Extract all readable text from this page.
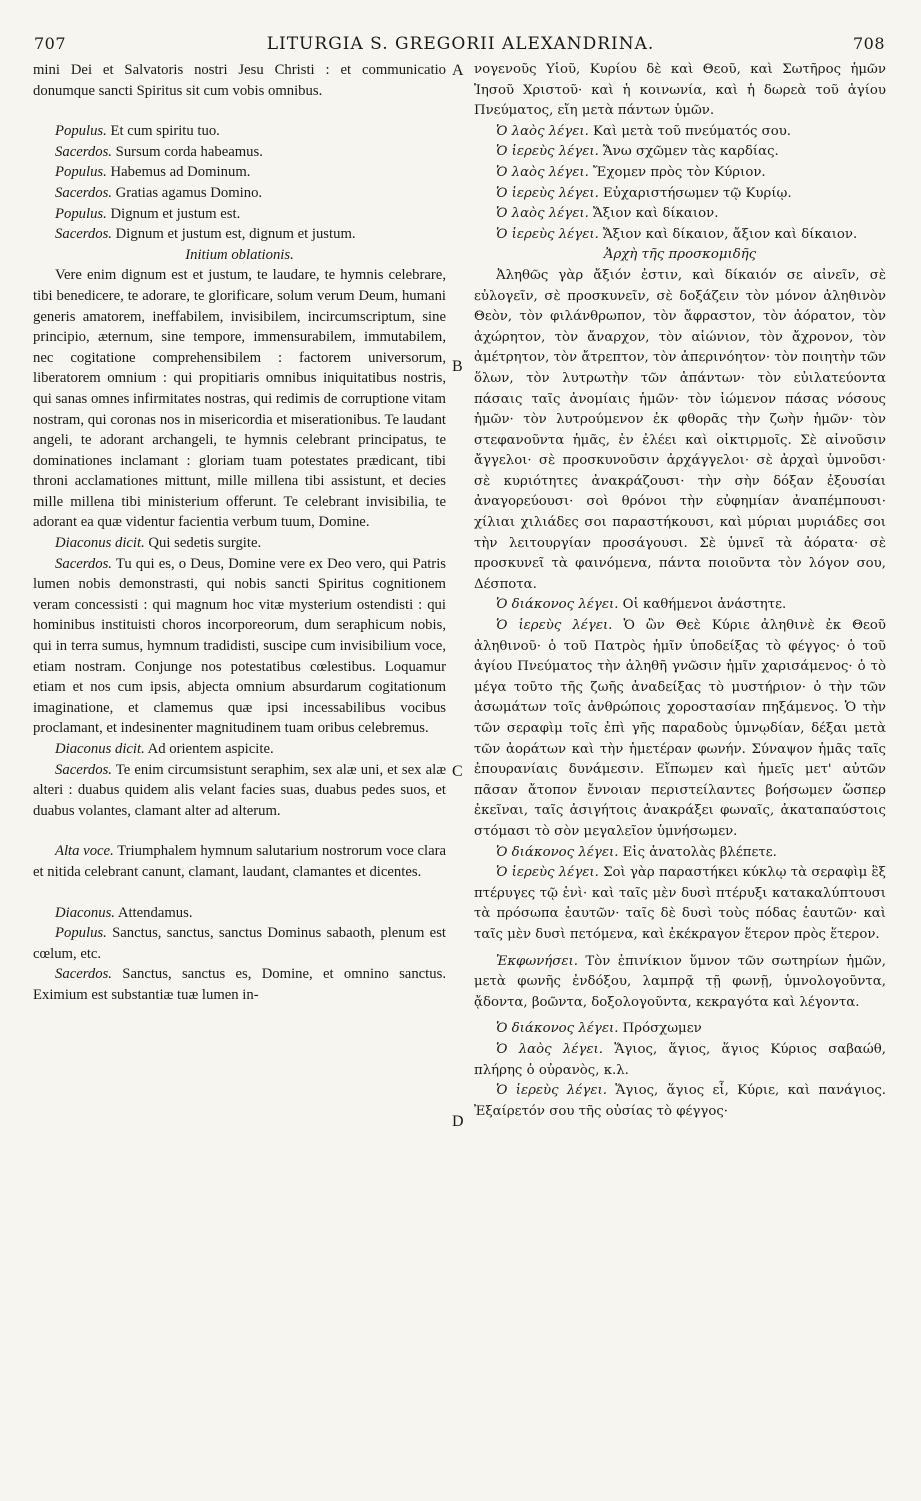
707	LITURGIA S. GREGORII ALEXANDRINA.	708
A
B
C
D

mini Dei et Salvatoris nostri Jesu Christi : et communicatio donumque sancti Spiritus sit cum vobis omnibus.

Populus. Et cum spiritu tuo.

Sacerdos. Sursum corda habeamus.

Populus. Habemus ad Dominum.

Sacerdos. Gratias agamus Domino.

Populus. Dignum et justum est.

Sacerdos. Dignum et justum est, dignum et justum.

Initium oblationis.

Vere enim dignum est et justum, te laudare, te hymnis celebrare, tibi benedicere, te adorare, te glorificare, solum verum Deum, humani generis amatorem, ineffabilem, invisibilem, incircumscriptum, sine principio, æternum, sine tempore, immensurabilem, immutabilem, nec cogitatione comprehensibilem : factorem universorum, liberatorem omnium : qui propitiaris omnibus iniquitatibus nostris, qui sanas omnes infirmitates nostras, qui redimis de corruptione vitam nostram, qui coronas nos in misericordia et miserationibus. Te laudant angeli, te adorant archangeli, te hymnis celebrant principatus, te dominationes inclamant : gloriam tuam potestates prædicant, tibi throni acclamationes mittunt, mille millena tibi assistunt, et decies mille millena tibi ministerium offerunt. Te celebrant invisibilia, te adorant ea quæ videntur facientia verbum tuum, Domine.

Diaconus dicit. Qui sedetis surgite.

Sacerdos. Tu qui es, o Deus, Domine vere ex Deo vero, qui Patris lumen nobis demonstrasti, qui nobis sancti Spiritus cognitionem veram concessisti : qui magnum hoc vitæ mysterium ostendisti : qui hominibus instituisti choros incorporeorum, dum seraphicum nobis, qui in terra sumus, hymnum tradidisti, suscipe cum invisibilium voce, etiam nostram. Conjunge nos potestatibus cœlestibus. Loquamur etiam et nos cum ipsis, abjecta omnium absurdarum cogitationum imaginatione, et clamemus quæ ipsi incessabilibus vocibus proclamant, et indesinenter magnitudinem tuam oribus celebremus.

Diaconus dicit. Ad orientem aspicite.

Sacerdos. Te enim circumsistunt seraphim, sex alæ uni, et sex alæ alteri : duabus quidem alis velant facies suas, duabus pedes suos, et duabus volantes, clamant alter ad alterum.

Alta voce. Triumphalem hymnum salutarium nostrorum voce clara et nitida celebrant canunt, clamant, laudant, clamantes et dicentes.

Diaconus. Attendamus.

Populus. Sanctus, sanctus, sanctus Dominus sabaoth, plenum est cœlum, etc.

Sacerdos. Sanctus, sanctus es, Domine, et omnino sanctus. Eximium est substantiæ tuæ lumen in-

νογενοῦς Υἱοῦ, Κυρίου δὲ καὶ Θεοῦ, καὶ Σωτῆρος ἡμῶν Ἰησοῦ Χριστοῦ· καὶ ἡ κοινωνία, καὶ ἡ δωρεὰ τοῦ ἁγίου Πνεύματος, εἴη μετὰ πάντων ὑμῶν.

Ὁ λαὸς λέγει. Καὶ μετὰ τοῦ πνεύματός σου.

Ὁ ἱερεὺς λέγει. Ἄνω σχῶμεν τὰς καρδίας.

Ὁ λαὸς λέγει. Ἔχομεν πρὸς τὸν Κύριον.

Ὁ ἱερεὺς λέγει. Εὐχαριστήσωμεν τῷ Κυρίῳ.

Ὁ λαὸς λέγει. Ἄξιον καὶ δίκαιον.

Ὁ ἱερεὺς λέγει. Ἄξιον καὶ δίκαιον, ἄξιον καὶ δίκαιον.

Ἀρχὴ τῆς προσκομιδῆς

Ἀληθῶς γὰρ ἄξιόν ἐστιν, καὶ δίκαιόν σε αἰνεῖν, σὲ εὐλογεῖν, σὲ προσκυνεῖν, σὲ δοξάζειν τὸν μόνον ἀληθινὸν Θεὸν, τὸν φιλάνθρωπον, τὸν ἄφραστον, τὸν ἀόρατον, τὸν ἀχώρητον, τὸν ἄναρχον, τὸν αἰώνιον, τὸν ἄχρονον, τὸν ἀμέτρητον, τὸν ἄτρεπτον, τὸν ἀπερινόητον· τὸν ποιητὴν τῶν ὅλων, τὸν λυτρωτὴν τῶν ἁπάντων· τὸν εὐιλατεύοντα πάσαις ταῖς ἀνομίαις ἡμῶν· τὸν ἰώμενον πάσας νόσους ἡμῶν· τὸν λυτρούμενον ἐκ φθορᾶς τὴν ζωὴν ἡμῶν· τὸν στεφανοῦντα ἡμᾶς, ἐν ἐλέει καὶ οἰκτιρμοῖς. Σὲ αἰνοῦσιν ἄγγελοι· σὲ προσκυνοῦσιν ἀρχάγγελοι· σὲ ἀρχαὶ ὑμνοῦσι· σὲ κυριότητες ἀνακράζουσι· τὴν σὴν δόξαν ἐξουσίαι ἀναγορεύουσι· σοὶ θρόνοι τὴν εὐφημίαν ἀναπέμπουσι· χίλιαι χιλιάδες σοι παραστήκουσι, καὶ μύριαι μυριάδες σοι τὴν λειτουργίαν προσάγουσι. Σὲ ὑμνεῖ τὰ ἀόρατα· σὲ προσκυνεῖ τὰ φαινόμενα, πάντα ποιοῦντα τὸν λόγον σου, Δέσποτα.

Ὁ διάκονος λέγει. Οἱ καθήμενοι ἀνάστητε.

Ὁ ἱερεὺς λέγει. Ὁ ὢν Θεὲ Κύριε ἀληθινὲ ἐκ Θεοῦ ἀληθινοῦ· ὁ τοῦ Πατρὸς ἡμῖν ὑποδείξας τὸ φέγγος· ὁ τοῦ ἁγίου Πνεύματος τὴν ἀληθῆ γνῶσιν ἡμῖν χαρισάμενος· ὁ τὸ μέγα τοῦτο τῆς ζωῆς ἀναδείξας τὸ μυστήριον· ὁ τὴν τῶν ἀσωμάτων τοῖς ἀνθρώποις χοροστασίαν πηξάμενος. Ὁ τὴν τῶν σεραφὶμ τοῖς ἐπὶ γῆς παραδοὺς ὑμνῳδίαν, δέξαι μετὰ τῶν ἀοράτων καὶ τὴν ἡμετέραν φωνήν. Σύναψον ἡμᾶς ταῖς ἐπουρανίαις δυνάμεσιν. Εἴπωμεν καὶ ἡμεῖς μετ' αὐτῶν πᾶσαν ἄτοπον ἔννοιαν περιστείλαντες βοήσωμεν ὥσπερ ἐκεῖναι, ταῖς ἀσιγήτοις ἀνακράξει φωναῖς, ἀκαταπαύστοις στόμασι τὸ σὸν μεγαλεῖον ὑμνήσωμεν.

Ὁ διάκονος λέγει. Εἰς ἀνατολὰς βλέπετε.

Ὁ ἱερεὺς λέγει. Σοὶ γὰρ παραστήκει κύκλῳ τὰ σεραφὶμ ἓξ πτέρυγες τῷ ἑνὶ· καὶ ταῖς μὲν δυσὶ πτέρυξι κατακαλύπτουσι τὰ πρόσωπα ἑαυτῶν· ταῖς δὲ δυσὶ τοὺς πόδας ἑαυτῶν· καὶ ταῖς μὲν δυσὶ πετόμενα, καὶ ἐκέκραγον ἕτερον πρὸς ἕτερον.

Ἐκφωνήσει. Τὸν ἐπινίκιον ὕμνον τῶν σωτηρίων ἡμῶν, μετὰ φωνῆς ἐνδόξου, λαμπρᾷ τῇ φωνῇ, ὑμνολογοῦντα, ᾄδοντα, βοῶντα, δοξολογοῦντα, κεκραγότα καὶ λέγοντα.

Ὁ διάκονος λέγει. Πρόσχωμεν

Ὁ λαὸς λέγει. Ἅγιος, ἅγιος, ἅγιος Κύριος σαβαώθ, πλήρης ὁ οὐρανὸς, κ.λ.

Ὁ ἱερεὺς λέγει. Ἅγιος, ἅγιος εἶ, Κύριε, καὶ πανάγιος. Ἐξαίρετόν σου τῆς οὐσίας τὸ φέγγος·
